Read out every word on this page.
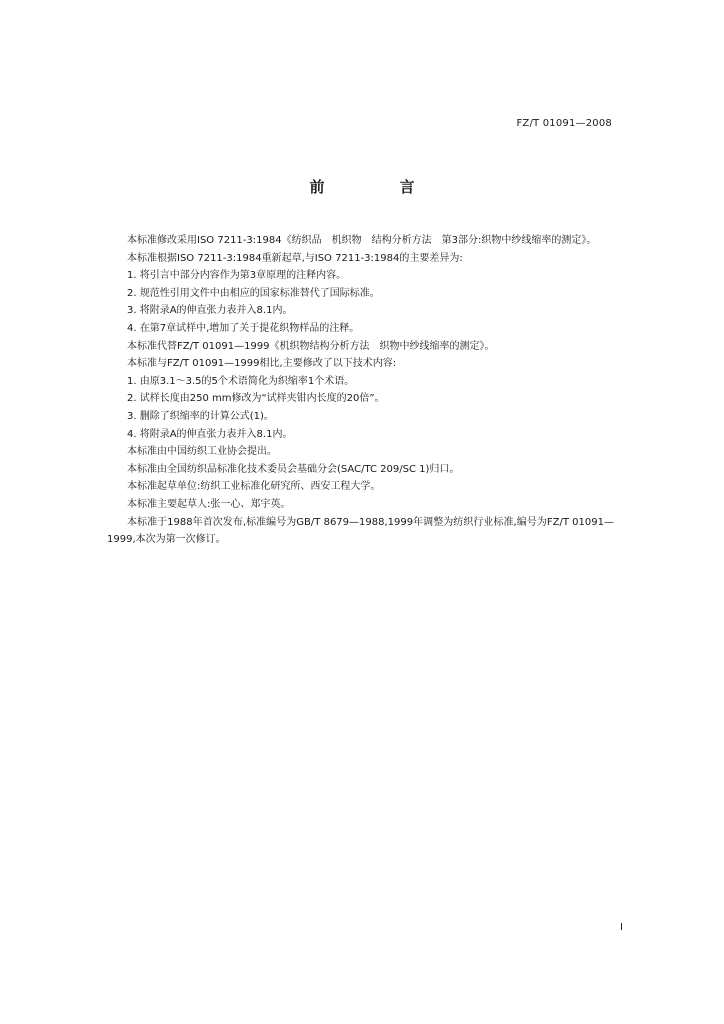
FZ/T 01091—2008
前　言

本标准修改采用ISO 7211-3:1984《纺织品　机织物　结构分析方法　第3部分:织物中纱线缩率的测定》。

本标准根据ISO 7211-3:1984重新起草,与ISO 7211-3:1984的主要差异为:

1. 将引言中部分内容作为第3章原理的注释内容。

2. 规范性引用文件中由相应的国家标准替代了国际标准。

3. 将附录A的伸直张力表并入8.1内。

4. 在第7章试样中,增加了关于提花织物样品的注释。

本标准代替FZ/T 01091—1999《机织物结构分析方法　织物中纱线缩率的测定》。

本标准与FZ/T 01091—1999相比,主要修改了以下技术内容:

1. 由原3.1～3.5的5个术语简化为织缩率1个术语。

2. 试样长度由250 mm修改为“试样夹钳内长度的20倍”。

3. 删除了织缩率的计算公式(1)。

4. 将附录A的伸直张力表并入8.1内。

本标准由中国纺织工业协会提出。

本标准由全国纺织品标准化技术委员会基础分会(SAC/TC 209/SC 1)归口。

本标准起草单位:纺织工业标准化研究所、西安工程大学。

本标准主要起草人:张一心、郑宇英。

本标准于1988年首次发布,标准编号为GB/T 8679—1988,1999年调整为纺织行业标准,编号为FZ/T 01091—1999,本次为第一次修订。

I
